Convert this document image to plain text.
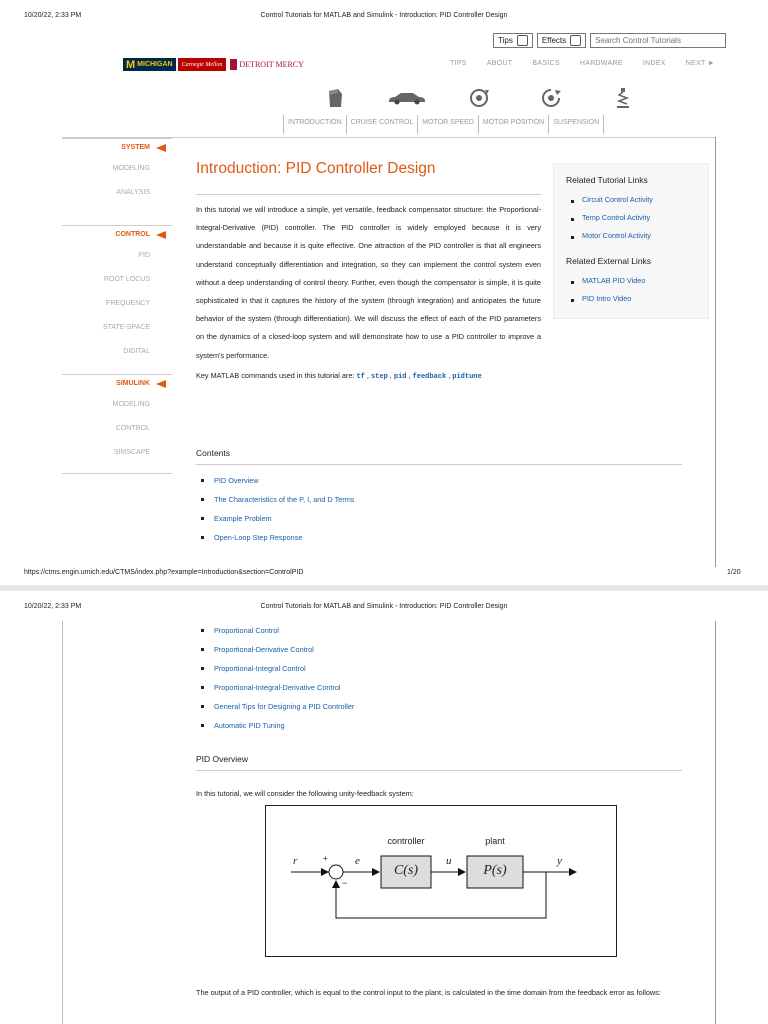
10/20/22, 2:33 PM	Control Tutorials for MATLAB and Simulink - Introduction: PID Controller Design
Tips	Effects
Search Control Tutorials
M MICHIGAN	Carnegie Mellon	DETROIT MERCY	TIPS	ABOUT	BASICS	HARDWARE	INDEX	NEXT ►
INTRODUCTION	CRUISE CONTROL	MOTOR SPEED	MOTOR POSITION	SUSPENSION
SYSTEM
MODELING
ANALYSIS
CONTROL
PID
ROOT LOCUS
FREQUENCY
STATE-SPACE
DIGITAL
SIMULINK
MODELING
CONTROL
SIMSCAPE
Introduction: PID Controller Design
In this tutorial we will introduce a simple, yet versatile, feedback compensator structure: the Proportional-Integral-Derivative (PID) controller. The PID controller is widely employed because it is very understandable and because it is quite effective. One attraction of the PID controller is that all engineers understand conceptually differentiation and integration, so they can implement the control system even without a deep understanding of control theory. Further, even though the compensator is simple, it is quite sophisticated in that it captures the history of the system (through integration) and anticipates the future behavior of the system (through differentiation). We will discuss the effect of each of the PID parameters on the dynamics of a closed-loop system and will demonstrate how to use a PID controller to improve a system's performance.
Key MATLAB commands used in this tutorial are: tf , step , pid , feedback , pidtune
Related Tutorial Links
Circuit Control Activity
Temp Control Activity
Motor Control Activity
Related External Links
MATLAB PID Video
PID Intro Video
Contents
PID Overview
The Characteristics of the P, I, and D Terms
Example Problem
Open-Loop Step Response
https://ctms.engin.umich.edu/CTMS/index.php?example=Introduction&section=ControlPID	1/20
10/20/22, 2:33 PM	Control Tutorials for MATLAB and Simulink - Introduction: PID Controller Design
Proportional Control
Proportional-Derivative Control
Proportional-Integral Control
Proportional-Integral-Derivative Control
General Tips for Designing a PID Controller
Automatic PID Tuning
PID Overview
In this tutorial, we will consider the following unity-feedback system:
controller	plant
C(s)	P(s)
r	e	u	y
+
−
The output of a PID controller, which is equal to the control input to the plant, is calculated in the time domain from the feedback error as follows:
